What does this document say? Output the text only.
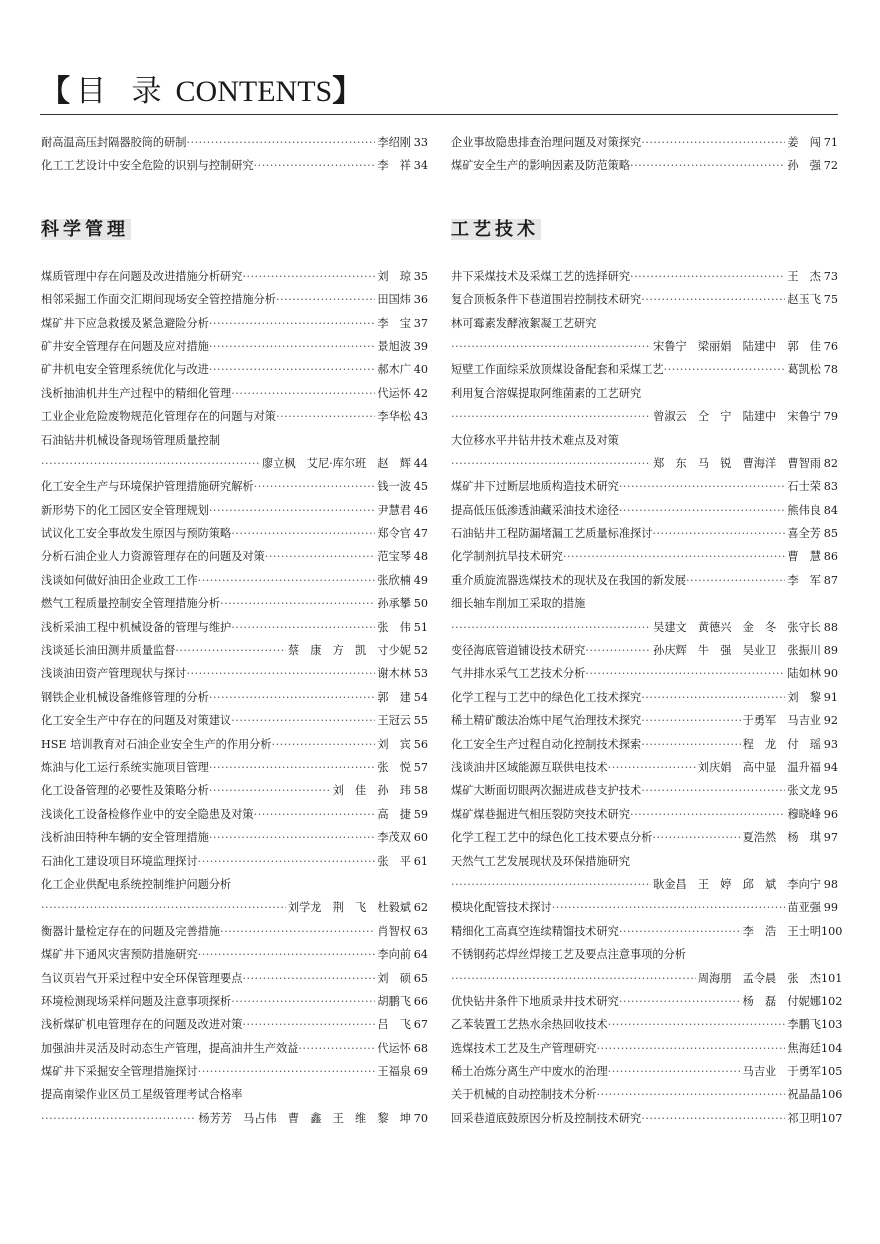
【 目 录 CONTENTS】
耐高温高压封隔器胶筒的研制 ·····	李绍刚 33
化工工艺设计中安全危险的识别与控制研究 ·····	李　祥 34
科学管理
煤质管理中存在问题及改进措施分析研究 ·····	刘　琼 35
相邻采掘工作面交汇期间现场安全管控措施分析 ·····	田国炜 36
煤矿井下应急救援及紧急避险分析 ·····	李　宝 37
矿井安全管理存在问题及应对措施 ·····	景旭波 39
矿井机电安全管理系统优化与改进 ·····	郝木广 40
浅析抽油机井生产过程中的精细化管理 ·····	代运怀 42
工业企业危险废物规范化管理存在的问题与对策 ·····	李华松 43
石油钻井机械设备现场管理质量控制
·····
廖立枫　艾尼·库尔班　赵　辉 44
化工安全生产与环境保护管理措施研究解析 ·····	钱一波 45
新形势下的化工园区安全管理规划 ·····	尹慧君 46
试议化工安全事故发生原因与预防策略 ·····	郑令官 47
分析石油企业人力资源管理存在的问题及对策 ·····	范宝琴 48
浅谈如何做好油田企业政工工作 ·····	张欣楠 49
燃气工程质量控制安全管理措施分析 ·····	孙承攀 50
浅析采油工程中机械设备的管理与维护 ·····	张　伟 51
浅谈延长油田测井质量监督 ·····	蔡　康　方　凯　寸少妮 52
浅谈油田资产管理现状与探讨 ·····	谢木林 53
钢铁企业机械设备维修管理的分析 ·····	郭　建 54
化工安全生产中存在的问题及对策建议 ·····	王冠云 55
HSE 培训教育对石油企业安全生产的作用分析 ·····	刘　宾 56
炼油与化工运行系统实施项目管理 ·····	张　悦 57
化工设备管理的必要性及策略分析 ·····	刘　佳　孙　玮 58
浅谈化工设备检修作业中的安全隐患及对策 ·····	高　捷 59
浅析油田特种车辆的安全管理措施 ·····	李茂双 60
石油化工建设项目环境监理探讨 ·····	张　平 61
化工企业供配电系统控制维护问题分析
·····
刘学龙　荆　飞　杜毅斌 62
衡器计量检定存在的问题及完善措施 ·····	肖智权 63
煤矿井下通风灾害预防措施研究 ·····	李向前 64
刍议页岩气开采过程中安全环保管理要点 ·····	刘　硕 65
环境检测现场采样问题及注意事项探析 ·····	胡鹏飞 66
浅析煤矿机电管理存在的问题及改进对策 ·····	吕　飞 67
加强油井灵活及时动态生产管理，提高油井生产效益 ·····	代运怀 68
煤矿井下采掘安全管理措施探讨 ·····	王福泉 69
提高南梁作业区员工星级管理考试合格率
·····
杨芳芳　马占伟　曹　鑫　王　维　黎　坤 70
企业事故隐患排查治理问题及对策探究 ·····	姜　闯 71
煤矿安全生产的影响因素及防范策略 ·····	孙　强 72
工艺技术
井下采煤技术及采煤工艺的选择研究 ·····	王　杰 73
复合顶板条件下巷道围岩控制技术研究 ·····	赵玉飞 75
林可霉素发酵液絮凝工艺研究
·····
宋鲁宁　梁丽娟　陆建中　郭　佳 76
短壁工作面综采放顶煤设备配套和采煤工艺 ·····	葛凯松 78
利用复合溶媒提取阿维菌素的工艺研究
·····
曾淑云　仝　宁　陆建中　宋鲁宁 79
大位移水平井钻井技术难点及对策
·····
郑　东　马　锐　曹海洋　曹智雨 82
煤矿井下过断层地质构造技术研究 ·····	石士荣 83
提高低压低渗透油藏采油技术途径 ·····	熊伟良 84
石油钻井工程防漏堵漏工艺质量标准探讨 ·····	喜全芳 85
化学制剂抗旱技术研究 ·····	曹　慧 86
重介质旋流器选煤技术的现状及在我国的新发展 ·····	李　军 87
细长轴车削加工采取的措施
·····
吴建文　黄德兴　金　冬　张守长 88
变径海底管道铺设技术研究 ·····	孙庆辉　牛　强　吴业卫　张振川 89
气井排水采气工艺技术分析 ·····	陆如林 90
化学工程与工艺中的绿色化工技术探究 ·····	刘　黎 91
稀土精矿酸法冶炼中尾气治理技术探究 ·····	于勇军　马吉业 92
化工安全生产过程自动化控制技术探索 ·····	程　龙　付　瑶 93
浅谈油井区域能源互联供电技术 ·····	刘庆娟　高中显　温升福 94
煤矿大断面切眼两次掘进成巷支护技术 ·····	张文龙 95
煤矿煤巷掘进气相压裂防突技术研究 ·····	穆晓峰 96
化学工程工艺中的绿色化工技术要点分析 ·····	夏浩然　杨　琪 97
天然气工艺发展现状及环保措施研究
·····
耿金昌　王　婷　邱　斌　李向宁 98
模块化配管技术探讨 ·····	苗亚强 99
精细化工高真空连续精馏技术研究 ·····	李　浩　王士明 100
不锈钢药芯焊丝焊接工艺及要点注意事项的分析
·····
周海朋　孟令晨　张　杰 101
优快钻井条件下地质录井技术研究 ·····	杨　磊　付妮娜 102
乙苯装置工艺热水余热回收技术 ·····	李鹏飞 103
选煤技术工艺及生产管理研究 ·····	焦海廷 104
稀土冶炼分离生产中废水的治理 ·····	马吉业　于勇军 105
关于机械的自动控制技术分析 ·····	祝晶晶 106
回采巷道底鼓原因分析及控制技术研究 ·····	祁卫明 107
